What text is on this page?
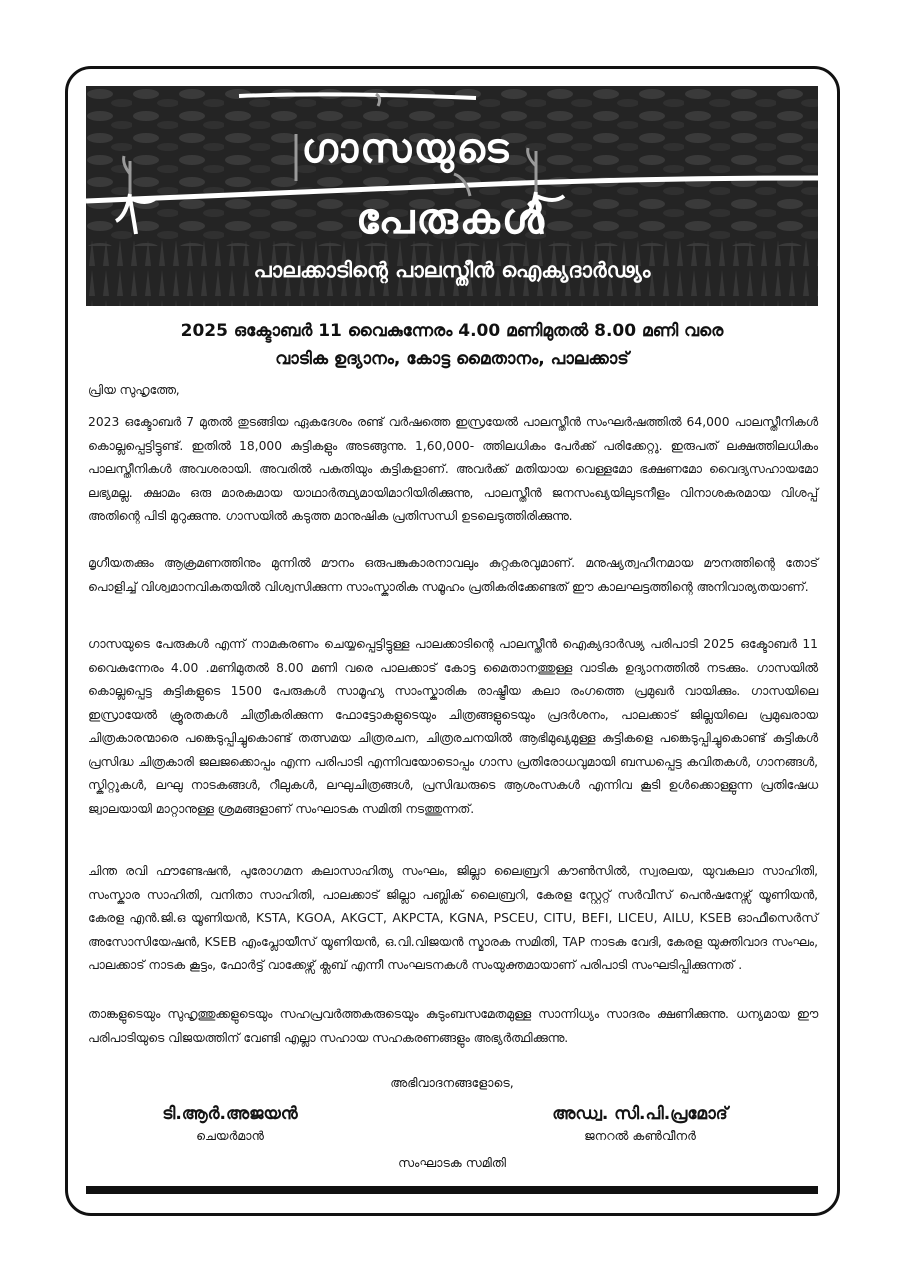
ഗാസയുടെ
പേരുകൾ
പാലക്കാടിന്റെ പാലസ്തീൻ ഐക്യദാർഢ്യം
2025 ഒക്ടോബർ 11 വൈകുന്നേരം 4.00 മണിമുതൽ 8.00 മണി വരെ
വാടിക ഉദ്യാനം, കോട്ട മൈതാനം, പാലക്കാട്
പ്രിയ സുഹൃത്തേ,
2023 ഒക്ടോബർ 7 മുതൽ തുടങ്ങിയ ഏകദേശം രണ്ട് വർഷത്തെ ഇസ്രയേൽ പാലസ്തീൻ സംഘർഷത്തിൽ 64,000 പാലസ്തീനികൾ കൊല്ലപ്പെട്ടിട്ടുണ്ട്. ഇതിൽ 18,000 കുട്ടികളും അടങ്ങുന്നു. 1,60,000- ത്തിലധികം പേർക്ക് പരിക്കേറ്റു. ഇരുപത് ലക്ഷത്തിലധികം പാലസ്തീനികൾ അവശരായി. അവരിൽ പകുതിയും കുട്ടികളാണ്. അവർക്ക് മതിയായ വെള്ളമോ ഭക്ഷണമോ വൈദ്യസഹായമോ ലഭ്യമല്ല. ക്ഷാമം ഒരു മാരകമായ യാഥാർത്ഥ്യമായിമാറിയിരിക്കുന്നു, പാലസ്തീൻ ജനസംഖ്യയിലുടനീളം വിനാശകരമായ വിശപ്പ് അതിന്റെ പിടി മുറുക്കുന്നു. ഗാസയിൽ കടുത്ത മാനുഷിക പ്രതിസന്ധി ഉടലെടുത്തിരിക്കുന്നു.
മൃഗീയതക്കും ആക്രമണത്തിനും മുന്നിൽ മൗനം ഒരുപങ്കുകാരനാവലും കുറ്റകരവുമാണ്. മനുഷ്യത്വഹീനമായ മൗനത്തിന്റെ തോട് പൊളിച്ച് വിശ്വമാനവികതയിൽ വിശ്വസിക്കുന്ന സാംസ്കാരിക സമൂഹം പ്രതികരിക്കേണ്ടത് ഈ കാലഘട്ടത്തിന്റെ അനിവാര്യതയാണ്.
ഗാസയുടെ പേരുകൾ എന്ന് നാമകരണം ചെയ്യപ്പെട്ടിട്ടുള്ള പാലക്കാടിന്റെ പാലസ്തീൻ ഐക്യദാർഢ്യ പരിപാടി 2025 ഒക്ടോബർ 11 വൈകുന്നേരം 4.00 .മണിമുതൽ 8.00 മണി വരെ പാലക്കാട് കോട്ട മൈതാനത്തുള്ള വാടിക ഉദ്യാനത്തിൽ നടക്കും. ഗാസയിൽ കൊല്ലപ്പെട്ട കുട്ടികളുടെ 1500 പേരുകൾ സാമൂഹ്യ സാംസ്കാരിക രാഷ്ട്രീയ കലാ രംഗത്തെ പ്രമുഖർ വായിക്കും. ഗാസയിലെ ഇസ്രായേൽ ക്രൂരതകൾ ചിത്രീകരിക്കുന്ന ഫോട്ടോകളുടെയും ചിത്രങ്ങളുടെയും പ്രദർശനം, പാലക്കാട് ജില്ലയിലെ പ്രമുഖരായ ചിത്രകാരന്മാരെ പങ്കെടുപ്പിച്ചുകൊണ്ട് തത്സമയ ചിത്രരചന, ചിത്രരചനയിൽ ആഭിമുഖ്യമുള്ള കുട്ടികളെ പങ്കെടുപ്പിച്ചുകൊണ്ട് കുട്ടികൾ പ്രസിദ്ധ ചിത്രകാരി ജലജക്കൊപ്പം എന്ന പരിപാടി എന്നിവയോടൊപ്പം ഗാസ പ്രതിരോധവുമായി ബന്ധപ്പെട്ട കവിതകൾ, ഗാനങ്ങൾ, സ്കിറ്റുകൾ, ലഘു നാടകങ്ങൾ, റീലുകൾ, ലഘുചിത്രങ്ങൾ, പ്രസിദ്ധരുടെ ആശംസകൾ എന്നിവ കൂടി ഉൾക്കൊള്ളുന്ന പ്രതിഷേധ ജ്വാലയായി മാറ്റാനുള്ള ശ്രമങ്ങളാണ് സംഘാടക സമിതി നടത്തുന്നത്.
ചിന്ത രവി ഫൗണ്ടേഷൻ, പുരോഗമന കലാസാഹിത്യ സംഘം, ജില്ലാ ലൈബ്രറി കൗൺസിൽ, സ്വരലയ, യുവകലാ സാഹിതി, സംസ്കാര സാഹിതി, വനിതാ സാഹിതി, പാലക്കാട് ജില്ലാ പബ്ലിക് ലൈബ്രറി, കേരള സ്റ്റേറ്റ് സർവീസ് പെൻഷനേഴ്സ് യൂണിയൻ, കേരള എൻ.ജി.ഒ യൂണിയൻ, KSTA, KGOA, AKGCT, AKPCTA, KGNA, PSCEU, CITU, BEFI, LICEU, AILU, KSEB ഓഫീസെർസ് അസോസിയേഷൻ, KSEB എംപ്ലോയീസ് യൂണിയൻ, ഒ.വി.വിജയൻ സ്മാരക സമിതി, TAP നാടക വേദി, കേരള യുക്തിവാദ സംഘം, പാലക്കാട് നാടക കൂട്ടം, ഫോർട്ട് വാക്കേഴ്സ് ക്ലബ് എന്നീ സംഘടനകൾ സംയുക്തമായാണ് പരിപാടി സംഘടിപ്പിക്കുന്നത് .
താങ്കളുടെയും സുഹൃത്തുക്കളുടെയും സഹപ്രവർത്തകരുടെയും കുടുംബസമേതമുള്ള സാന്നിധ്യം സാദരം ക്ഷണിക്കുന്നു. ധന്യമായ ഈ പരിപാടിയുടെ വിജയത്തിന് വേണ്ടി എല്ലാ സഹായ സഹകരണങ്ങളും അഭ്യർത്ഥിക്കുന്നു.
അഭിവാദനങ്ങളോടെ,
ടി.ആർ.അജയൻ
ചെയർമാൻ
അഡ്വ. സി.പി.പ്രമോദ്
ജനറൽ കൺവീനർ
സംഘാടക സമിതി
